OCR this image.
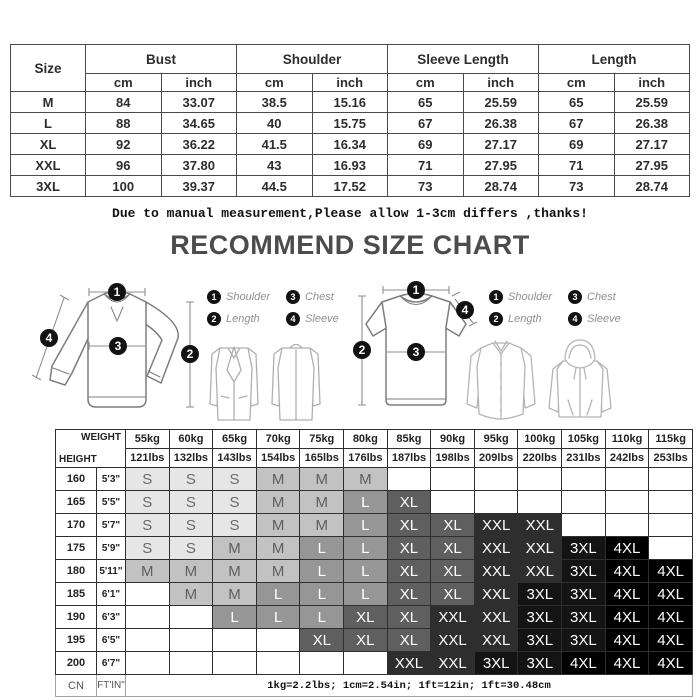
Size	Bust		Shoulder		Sleeve Length		Length	
	cm	inch	cm	inch	cm	inch	cm	inch
M	84	33.07	38.5	15.16	65	25.59	65	25.59
L	88	34.65	40	15.75	67	26.38	67	26.38
XL	92	36.22	41.5	16.34	69	27.17	69	27.17
XXL	96	37.80	43	16.93	71	27.95	71	27.95
3XL	100	39.37	44.5	17.52	73	28.74	73	28.74
Due to manual measurement,Please allow 1-3cm differs ,thanks!
RECOMMEND SIZE CHART
1
3
2
4
1 Shoulder	3 Chest
2 Length	4 Sleeve
1
3
2
4
1 Shoulder	3 Chest
2 Length	4 Sleeve
WEIGHT
HEIGHT		55kg	60kg	65kg	70kg	75kg	80kg	85kg	90kg	95kg	100kg	105kg	110kg	115kg
		121lbs	132lbs	143lbs	154lbs	165lbs	176lbs	187lbs	198lbs	209lbs	220lbs	231lbs	242lbs	253lbs
160	5'3"	S	S	S	M	M	M							
165	5'5"	S	S	S	M	M	L	XL						
170	5'7"	S	S	S	M	M	L	XL	XL	XXL	XXL			
175	5'9"	S	S	M	M	L	L	XL	XL	XXL	XXL	3XL	4XL	
180	5'11"	M	M	M	M	L	L	XL	XL	XXL	XXL	3XL	4XL	4XL
185	6'1"		M	M	L	L	L	XL	XL	XXL	3XL	3XL	4XL	4XL
190	6'3"			L	L	L	XL	XL	XXL	XXL	3XL	3XL	4XL	4XL
195	6'5"					XL	XL	XL	XXL	XXL	3XL	3XL	4XL	4XL
200	6'7"							XXL	XXL	3XL	3XL	4XL	4XL	4XL
CN	FT'IN"	1kg=2.2lbs; 1cm=2.54in; 1ft=12in; 1ft=30.48cm												
